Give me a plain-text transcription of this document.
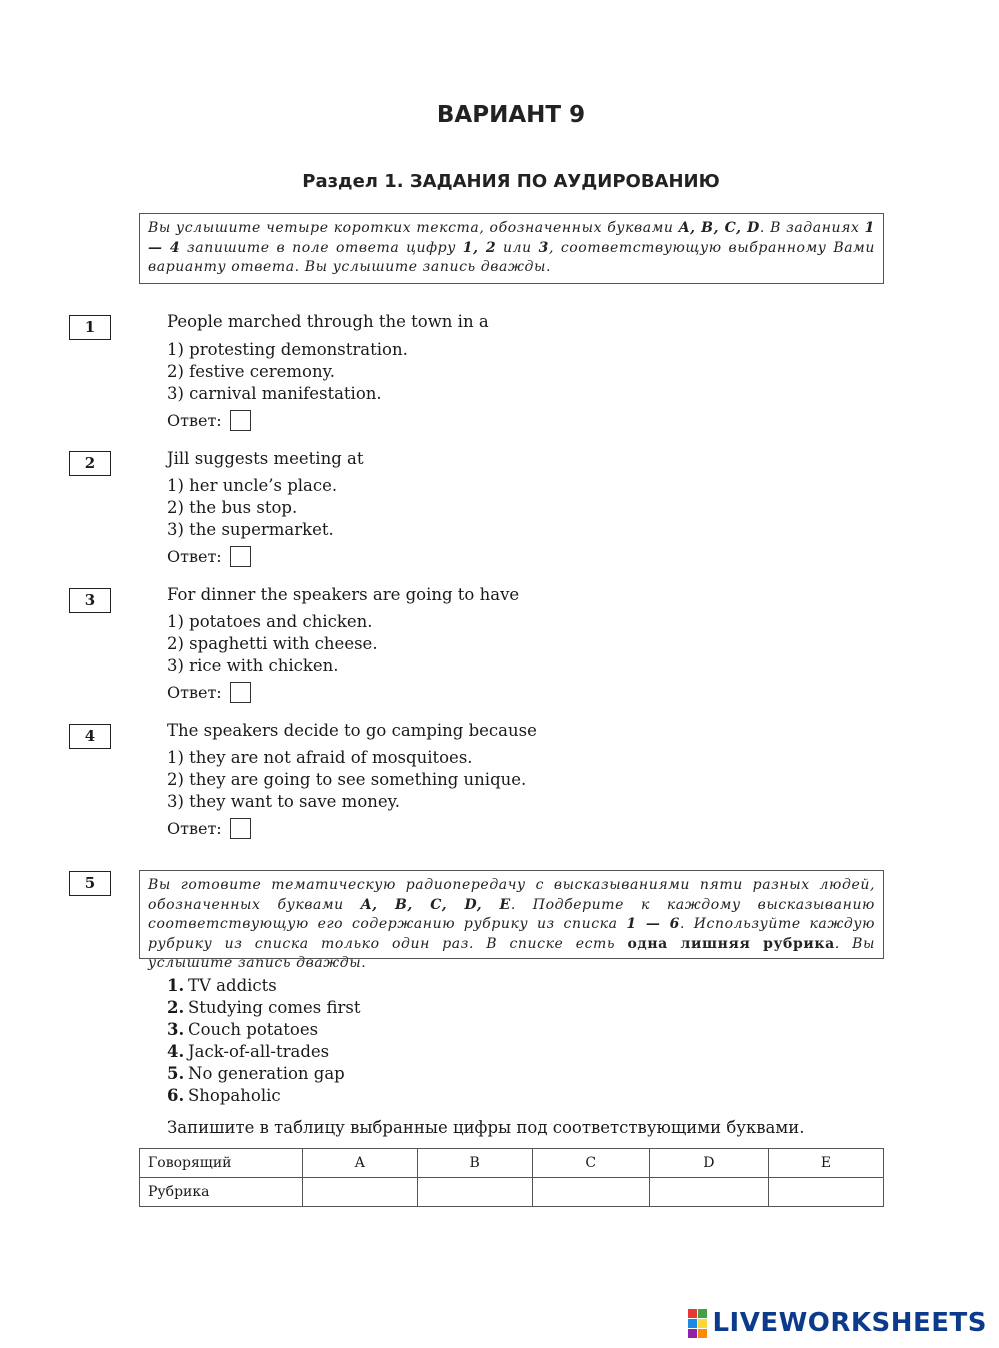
ВАРИАНТ 9
Раздел 1. ЗАДАНИЯ ПО АУДИРОВАНИЮ
Вы услышите четыре коротких текста, обозначенных буквами A, B, C, D. В заданиях 1 — 4 запишите в поле ответа цифру 1, 2 или 3, соответствующую выбранному Вами варианту ответа. Вы услышите запись дважды.
1	People marched through the town in a
1) protesting demonstration.
2) festive ceremony.
3) carnival manifestation.
Ответ:
2	Jill suggests meeting at
1) her uncle’s place.
2) the bus stop.
3) the supermarket.
Ответ:
3	For dinner the speakers are going to have
1) potatoes and chicken.
2) spaghetti with cheese.
3) rice with chicken.
Ответ:
4	The speakers decide to go camping because
1) they are not afraid of mosquitoes.
2) they are going to see something unique.
3) they want to save money.
Ответ:
5	Вы готовите тематическую радиопередачу с высказываниями пяти разных людей, обозначенных буквами A, B, C, D, E. Подберите к каждому высказыванию соответствующую его содержанию рубрику из списка 1 — 6. Используйте каждую рубрику из списка только один раз. В списке есть одна лишняя рубрика. Вы услышите запись дважды.
1. TV addicts
2. Studying comes first
3. Couch potatoes
4. Jack-of-all-trades
5. No generation gap
6. Shopaholic
Запишите в таблицу выбранные цифры под соответствующими буквами.
Говорящий	A	B	C	D	E
Рубрика					
LIVEWORKSHEETS
